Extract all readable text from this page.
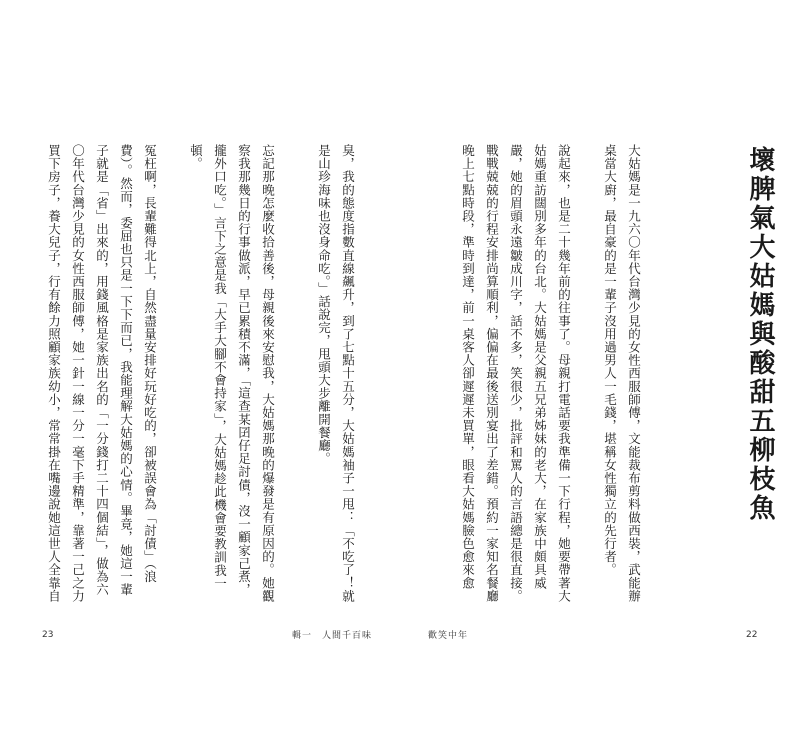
臭，我的態度指數直線飆升，到了七點十五分，大姑媽袖子一甩：「不吃了！就
是山珍海味也沒身命吃。」話說完，甩頭大步離開餐廳。
忘記那晚怎麼收拾善後，母親後來安慰我，大姑媽那晚的爆發是有原因的。她觀
察我那幾日的行事做派，早已累積不滿，「這查某囝仔足討債，沒一顧家己煮，
攏外口吃。」言下之意是我「大手大腳不會持家」，大姑媽趁此機會要教訓我一
頓。
冤枉啊，長輩難得北上，自然盡量安排好玩好吃的，卻被誤會為「討債」（浪
費）。然而，委屈也只是一下下而已，我能理解大姑媽的心情。畢竟，她這一輩
子就是「省」出來的，用錢風格是家族出名的「一分錢打二十四個結」，做為六
〇年代台灣少見的女性西服師傅，她一針一線一分一毫下手精準，靠著一己之力
買下房子，養大兒子，行有餘力照顧家族幼小，常常掛在嘴邊說她這世人全靠自
23	輯一　人間千百味
壞脾氣大姑媽與酸甜五柳枝魚
大姑媽是一九六〇年代台灣少見的女性西服師傅，文能裁布剪料做西裝，武能辦
桌當大廚，最自豪的是一輩子沒用過男人一毛錢，堪稱女性獨立的先行者。
說起來，也是二十幾年前的往事了。母親打電話要我準備一下行程，她要帶著大
姑媽重訪闊別多年的台北。大姑媽是父親五兄弟姊妹的老大，在家族中頗具威
嚴，她的眉頭永遠皺成川字，話不多，笑很少，批評和罵人的言語總是很直接。
戰戰兢兢的行程安排尚算順利，偏偏在最後送別宴出了差錯。預約一家知名餐廳
晚上七點時段，準時到達，前一桌客人卻遲遲未買單，眼看大姑媽臉色愈來愈
歡笑中年	22
